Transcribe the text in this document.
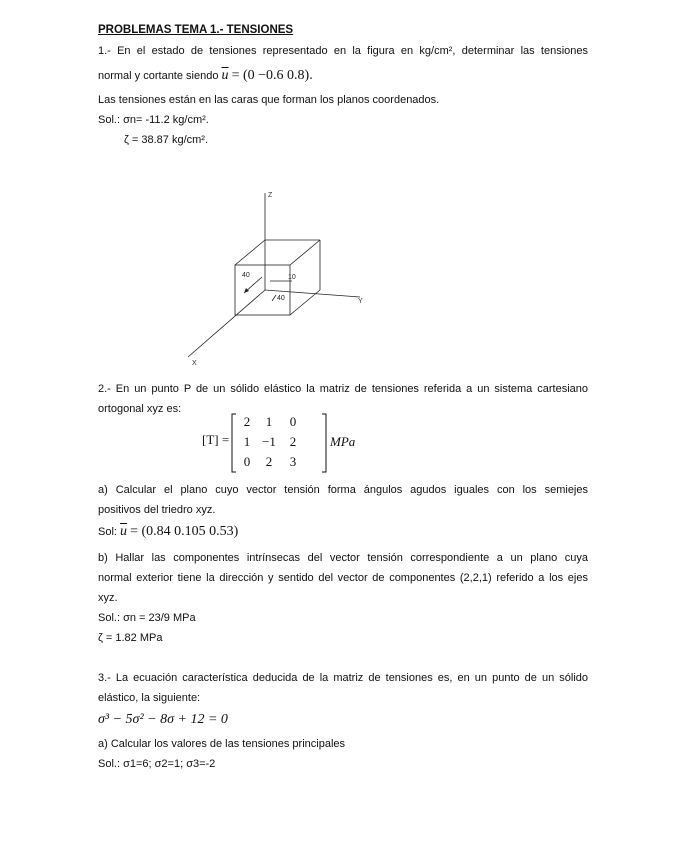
PROBLEMAS TEMA 1.- TENSIONES
1.- En el estado de tensiones representado en la figura en kg/cm², determinar las tensiones
normal y cortante siendo $\overline{u} = (0 -0.6$ 0.8).
Las tensiones están en las caras que forman los planos coordenados.
Sol.: σn= -11.2 kg/cm².
ζ = 38.87 kg/cm².
Z
Y
X
40	10
40
2.- En un punto P de un sólido elástico la matriz de tensiones referida a un sistema cartesiano
ortogonal xyz es:
[T] =
2	1	0
1 −1	2
0	2	3
MPa
a) Calcular el plano cuyo vector tensión forma ángulos agudos iguales con los semiejes
positivos del triedro xyz.
Sol: $\overline{u} = (0.84$ 0.105 0.53)
b) Hallar las componentes intrínsecas del vector tensión correspondiente a un plano cuya
normal exterior tiene la dirección y sentido del vector de componentes (2,2,1) referido a los ejes
xyz.
Sol.: σn = 23/9 MPa
ζ = 1.82 MPa
3.- La ecuación característica deducida de la matriz de tensiones es, en un punto de un sólido
elástico, la siguiente:
σ³ − 5σ² − 8σ + 12 = 0
a) Calcular los valores de las tensiones principales
Sol.: σ1=6; σ2=1; σ3=-2
